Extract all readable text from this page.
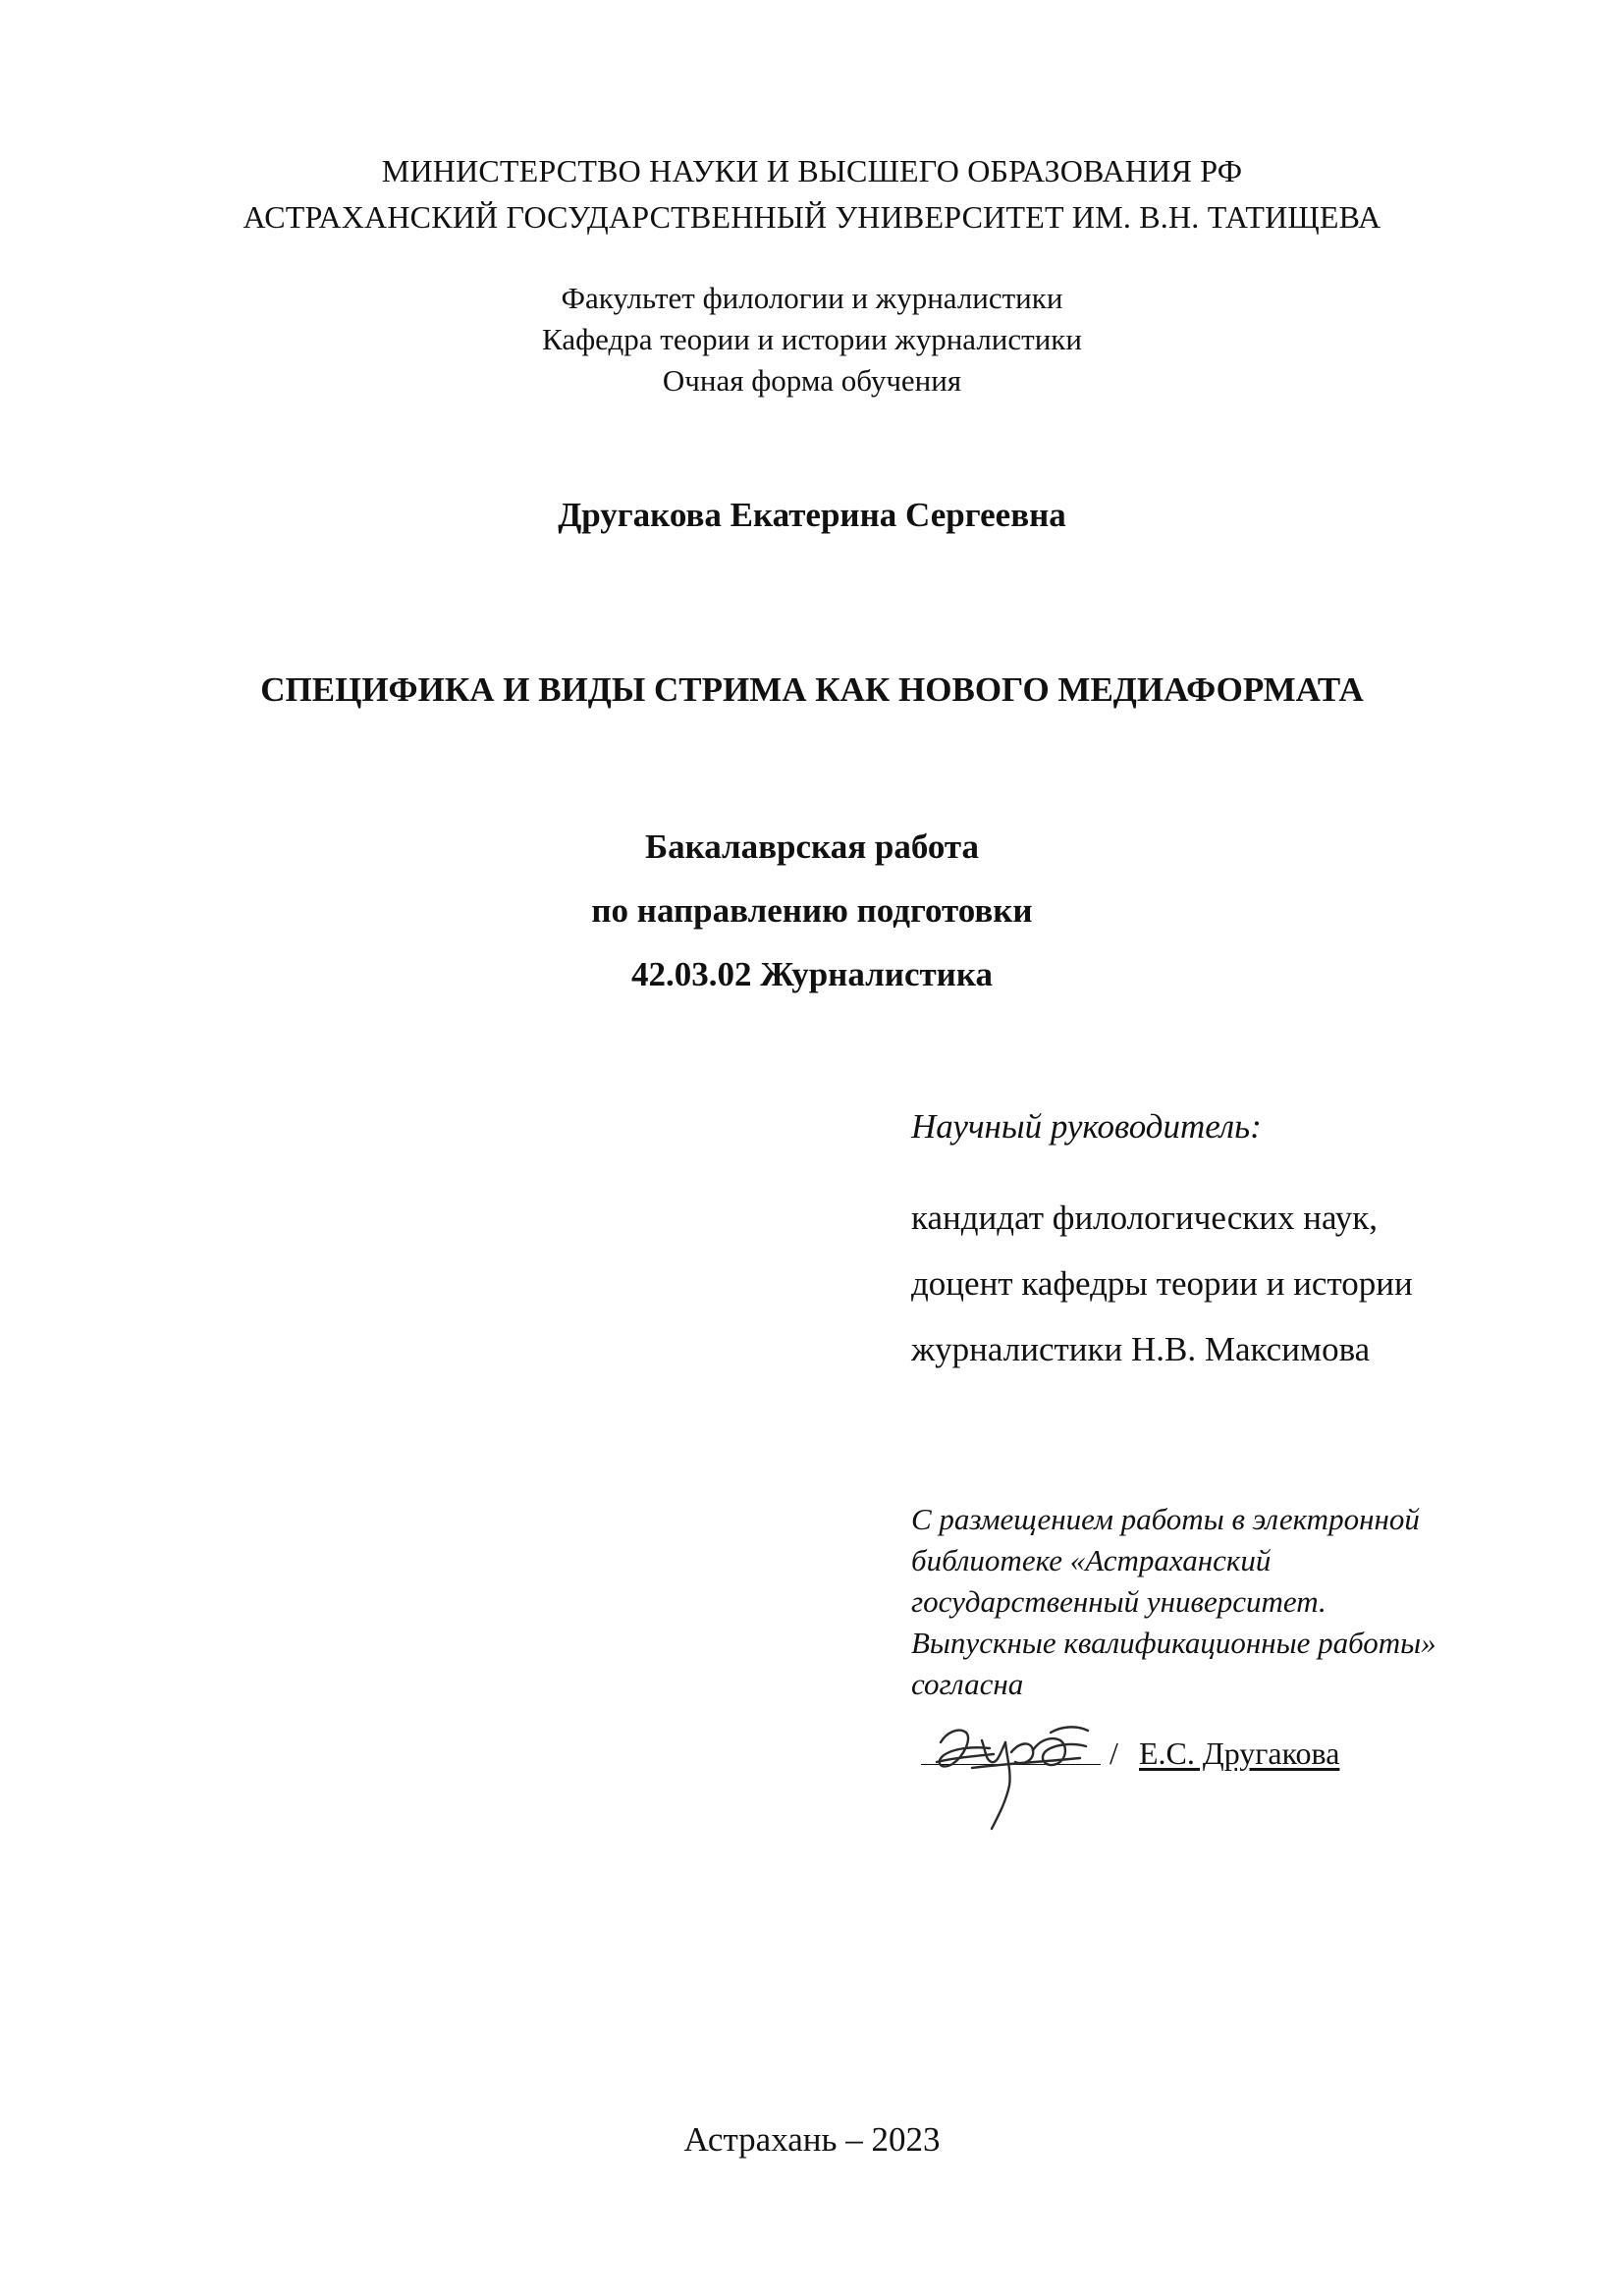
МИНИСТЕРСТВО НАУКИ И ВЫСШЕГО ОБРАЗОВАНИЯ РФ
АСТРАХАНСКИЙ ГОСУДАРСТВЕННЫЙ УНИВЕРСИТЕТ ИМ. В.Н. ТАТИЩЕВА
Факультет филологии и журналистики
Кафедра теории и истории журналистики
Очная форма обучения
Другакова Екатерина Сергеевна
СПЕЦИФИКА И ВИДЫ СТРИМА КАК НОВОГО МЕДИАФОРМАТА
Бакалаврская работа
по направлению подготовки
42.03.02 Журналистика
Научный руководитель:
кандидат филологических наук,
доцент кафедры теории и истории
журналистики Н.В. Максимова
С размещением работы в электронной
библиотеке «Астраханский
государственный университет.
Выпускные квалификационные работы»
согласна
/ Е.С. Другакова
Астрахань – 2023
